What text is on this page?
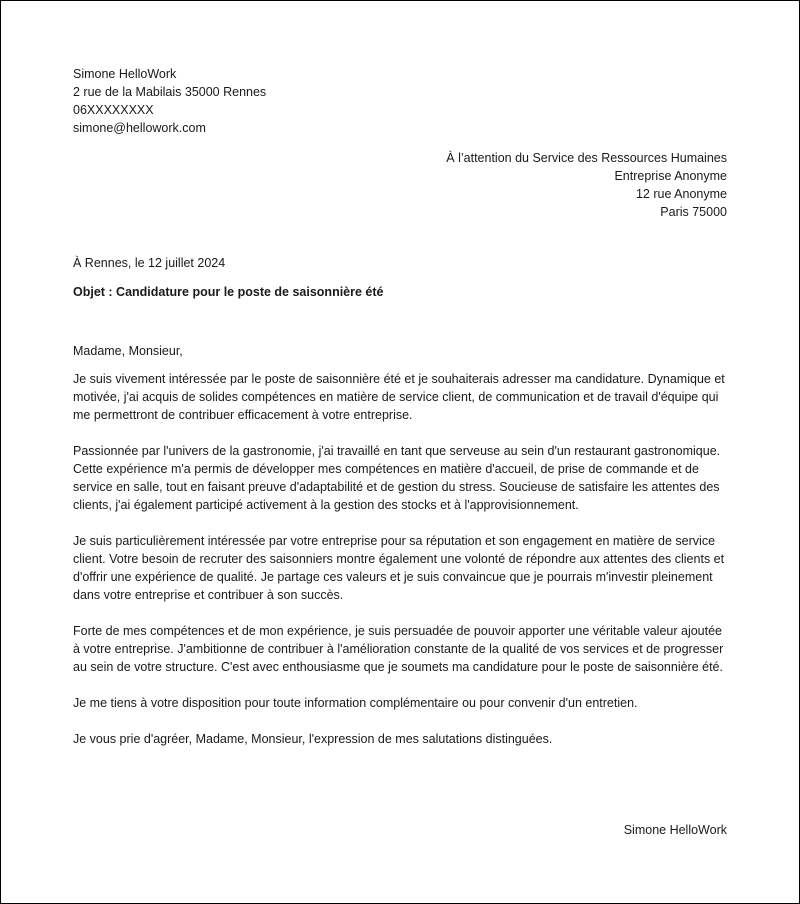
Simone HelloWork
2 rue de la Mabilais 35000 Rennes
06XXXXXXXX
simone@hellowork.com
À l’attention du Service des Ressources Humaines
Entreprise Anonyme
12 rue Anonyme
Paris 75000
À Rennes, le 12 juillet 2024
Objet : Candidature pour le poste de saisonnière été

Madame, Monsieur,

Je suis vivement intéressée par le poste de saisonnière été et je souhaiterais adresser ma candidature. Dynamique et motivée, j'ai acquis de solides compétences en matière de service client, de communication et de travail d'équipe qui me permettront de contribuer efficacement à votre entreprise.

Passionnée par l'univers de la gastronomie, j'ai travaillé en tant que serveuse au sein d'un restaurant gastronomique. Cette expérience m'a permis de développer mes compétences en matière d'accueil, de prise de commande et de service en salle, tout en faisant preuve d'adaptabilité et de gestion du stress. Soucieuse de satisfaire les attentes des clients, j'ai également participé activement à la gestion des stocks et à l'approvisionnement.

Je suis particulièrement intéressée par votre entreprise pour sa réputation et son engagement en matière de service client. Votre besoin de recruter des saisonniers montre également une volonté de répondre aux attentes des clients et d'offrir une expérience de qualité. Je partage ces valeurs et je suis convaincue que je pourrais m'investir pleinement dans votre entreprise et contribuer à son succès.

Forte de mes compétences et de mon expérience, je suis persuadée de pouvoir apporter une véritable valeur ajoutée à votre entreprise. J'ambitionne de contribuer à l'amélioration constante de la qualité de vos services et de progresser au sein de votre structure. C'est avec enthousiasme que je soumets ma candidature pour le poste de saisonnière été.

Je me tiens à votre disposition pour toute information complémentaire ou pour convenir d'un entretien.

Je vous prie d'agréer, Madame, Monsieur, l'expression de mes salutations distinguées.

Simone HelloWork
